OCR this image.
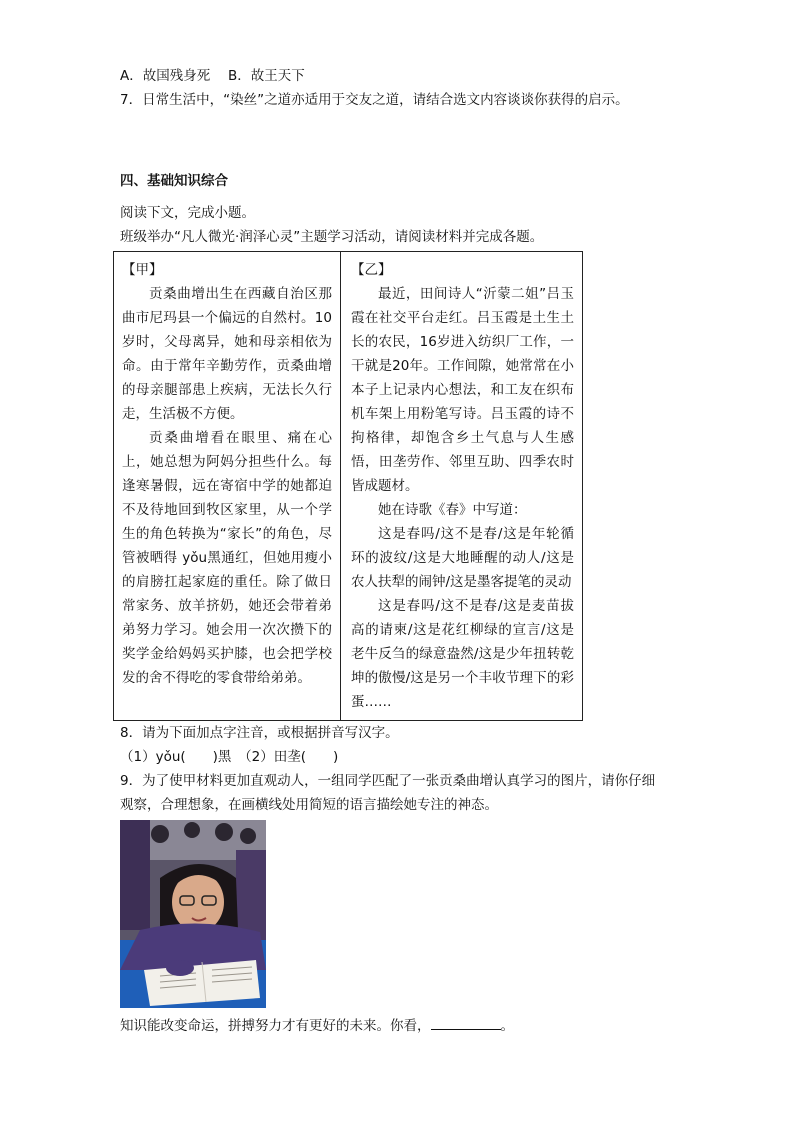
A．故国残身死　 B．故王天下
7．日常生活中，“染丝”之道亦适用于交友之道，请结合选文内容谈谈你获得的启示。
四、基础知识综合
阅读下文，完成小题。
班级举办“凡人微光·润泽心灵”主题学习活动，请阅读材料并完成各题。

【甲】

贡桑曲增出生在西藏自治区那曲市尼玛县一个偏远的自然村。10岁时，父母离异，她和母亲相依为命。由于常年辛勤劳作，贡桑曲增的母亲腿部患上疾病，无法长久行走，生活极不方便。

贡桑曲增看在眼里、痛在心上，她总想为阿妈分担些什么。每逢寒暑假，远在寄宿中学的她都迫不及待地回到牧区家里，从一个学生的角色转换为“家长”的角色，尽管被晒得 yǒu黑通红，但她用瘦小的肩膀扛起家庭的重任。除了做日常家务、放羊挤奶，她还会带着弟弟努力学习。她会用一次次攒下的奖学金给妈妈买护膝，也会把学校发的舍不得吃的零食带给弟弟。

【乙】

最近，田间诗人“沂蒙二姐”吕玉霞在社交平台走红。吕玉霞是土生土长的农民，16岁进入纺织厂工作，一干就是20年。工作间隙，她常常在小本子上记录内心想法，和工友在织布机车架上用粉笔写诗。吕玉霞的诗不拘格律，却饱含乡土气息与人生感悟，田垄劳作、邻里互助、四季农时皆成题材。

她在诗歌《春》中写道：

这是春吗/这不是春/这是年轮循环的波纹/这是大地睡醒的动人/这是农人扶犁的闹钟/这是墨客提笔的灵动

这是春吗/这不是春/这是麦苗拔高的请柬/这是花红柳绿的宣言/这是老牛反刍的绿意盎然/这是少年扭转乾坤的傲慢/这是另一个丰收节理下的彩蛋……

8．请为下面加点字注音，或根据拼音写汉字。
（1）yǒu(　　)黑　（2）田垄(　　)
9．为了使甲材料更加直观动人，一组同学匹配了一张贡桑曲增认真学习的图片，请你仔细
观察，合理想象，在画横线处用简短的语言描绘她专注的神态。
知识能改变命运，拼搏努力才有更好的未来。你看，	。
